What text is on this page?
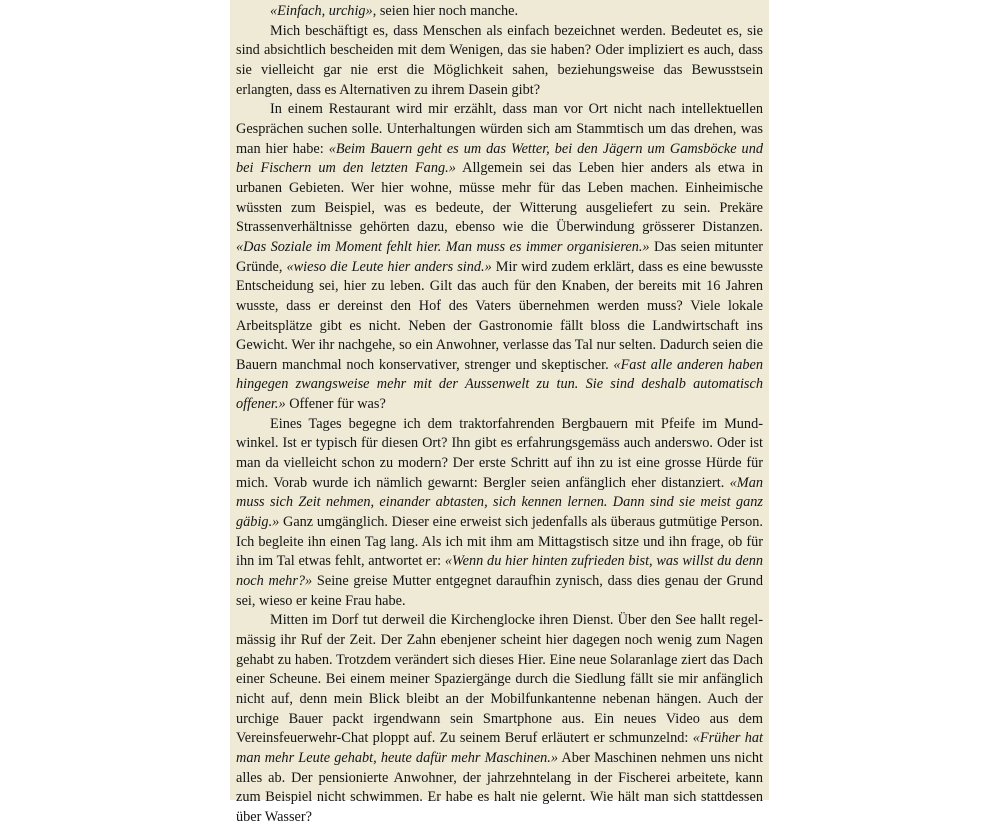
«Einfach, urchig», seien hier noch manche.

Mich beschäftigt es, dass Menschen als einfach bezeichnet werden. Bedeutet es, sie sind absichtlich bescheiden mit dem Wenigen, das sie haben? Oder impliziert es auch, dass sie vielleicht gar nie erst die Möglichkeit sahen, beziehungsweise das Bewusstsein erlangten, dass es Alternativen zu ihrem Dasein gibt?

In einem Restaurant wird mir erzählt, dass man vor Ort nicht nach intellektuellen Gesprächen suchen solle. Unterhaltungen würden sich am Stammtisch um das drehen, was man hier habe: «Beim Bauern geht es um das Wetter, bei den Jägern um Gamsböcke und bei Fischern um den letzten Fang.» Allgemein sei das Leben hier anders als etwa in urbanen Gebieten. Wer hier wohne, müsse mehr für das Leben machen. Einheimische wüssten zum Beispiel, was es bedeute, der Witterung ausgeliefert zu sein. Prekäre Strassenverhältnisse gehörten dazu, ebenso wie die Überwindung grösserer Distanzen. «Das Soziale im Moment fehlt hier. Man muss es immer organisieren.» Das seien mitunter Gründe, «wieso die Leute hier anders sind.» Mir wird zudem erklärt, dass es eine bewusste Entscheidung sei, hier zu leben. Gilt das auch für den Knaben, der bereits mit 16 Jahren wusste, dass er dereinst den Hof des Vaters übernehmen werden muss? Viele lokale Arbeitsplätze gibt es nicht. Neben der Gastronomie fällt bloss die Landwirtschaft ins Gewicht. Wer ihr nachgehe, so ein Anwohner, verlasse das Tal nur selten. Dadurch seien die Bauern manchmal noch konservativer, strenger und skeptischer. «Fast alle anderen haben hingegen zwangsweise mehr mit der Aussenwelt zu tun. Sie sind deshalb automatisch offener.» Offener für was?

Eines Tages begegne ich dem traktorfahrenden Bergbauern mit Pfeife im Mundwinkel. Ist er typisch für diesen Ort? Ihn gibt es erfahrungsgemäss auch anderswo. Oder ist man da vielleicht schon zu modern? Der erste Schritt auf ihn zu ist eine grosse Hürde für mich. Vorab wurde ich nämlich gewarnt: Bergler seien anfänglich eher distanziert. «Man muss sich Zeit nehmen, einander abtasten, sich kennen lernen. Dann sind sie meist ganz gäbig.» Ganz umgänglich. Dieser eine erweist sich jedenfalls als überaus gutmütige Person. Ich begleite ihn einen Tag lang. Als ich mit ihm am Mittagstisch sitze und ihn frage, ob für ihn im Tal etwas fehlt, antwortet er: «Wenn du hier hinten zufrieden bist, was willst du denn noch mehr?» Seine greise Mutter entgegnet daraufhin zynisch, dass dies genau der Grund sei, wieso er keine Frau habe.

Mitten im Dorf tut derweil die Kirchenglocke ihren Dienst. Über den See hallt regelmässig ihr Ruf der Zeit. Der Zahn ebenjener scheint hier dagegen noch wenig zum Nagen gehabt zu haben. Trotzdem verändert sich dieses Hier. Eine neue Solaranlage ziert das Dach einer Scheune. Bei einem meiner Spaziergänge durch die Siedlung fällt sie mir anfänglich nicht auf, denn mein Blick bleibt an der Mobilfunkantenne nebenan hängen. Auch der urchige Bauer packt irgendwann sein Smartphone aus. Ein neues Video aus dem Vereinsfeuerwehr-Chat ploppt auf. Zu seinem Beruf erläutert er schmunzelnd: «Früher hat man mehr Leute gehabt, heute dafür mehr Maschinen.» Aber Maschinen nehmen uns nicht alles ab. Der pensionierte Anwohner, der jahrzehntelang in der Fischerei arbeitete, kann zum Beispiel nicht schwimmen. Er habe es halt nie gelernt. Wie hält man sich stattdessen über Wasser?
